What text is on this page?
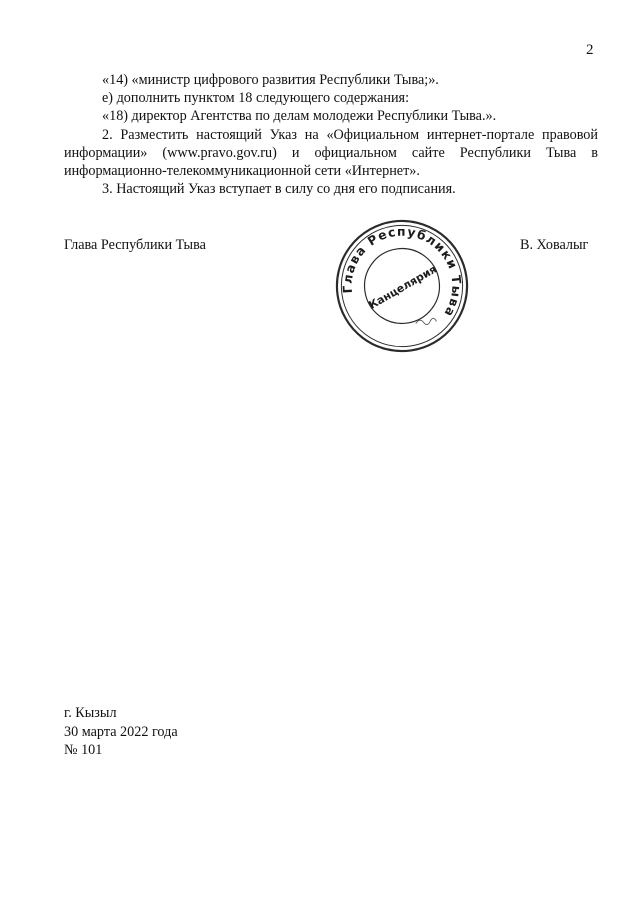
2

«14) «министр цифрового развития Республики Тыва;».

е) дополнить пунктом 18 следующего содержания:

«18) директор Агентства по делам молодежи Республики Тыва.».

2. Разместить настоящий Указ на «Официальном интернет-портале правовой информации» (www.pravo.gov.ru) и официальном сайте Республики Тыва в информационно-телекоммуникационной сети «Интернет».

3. Настоящий Указ вступает в силу со дня его подписания.

Глава Республики Тыва
Глава Республики Тыва
Канцелярия
В. Ховалыг
г. Кызыл
30 марта 2022 года
№ 101
